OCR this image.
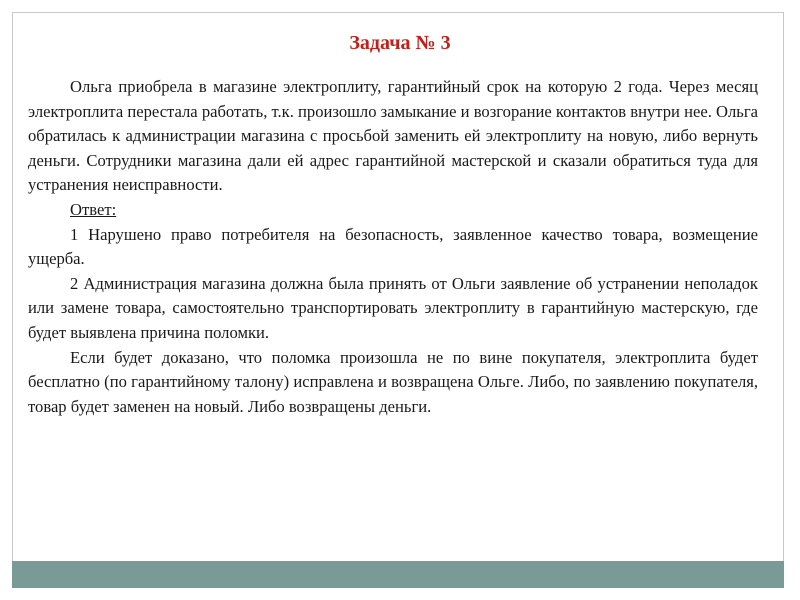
Задача № 3

Ольга приобрела в магазине электроплиту, гарантийный срок на которую 2 года. Через месяц электроплита перестала работать, т.к. произошло замыкание и возгорание контактов внутри нее. Ольга обратилась к администрации магазина с просьбой заменить ей электроплиту на новую, либо вернуть деньги. Сотрудники магазина дали ей адрес гарантийной мастерской и сказали обратиться туда для устранения неисправности.

Ответ:

1 Нарушено право потребителя на безопасность, заявленное качество товара, возмещение ущерба.

2 Администрация магазина должна была принять от Ольги заявление об устранении неполадок или замене товара, самостоятельно транспортировать электроплиту в гарантийную мастерскую, где будет выявлена причина поломки.

Если будет доказано, что поломка произошла не по вине покупателя, электроплита будет бесплатно (по гарантийному талону) исправлена и возвращена Ольге. Либо, по заявлению покупателя, товар будет заменен на новый. Либо возвращены деньги.
